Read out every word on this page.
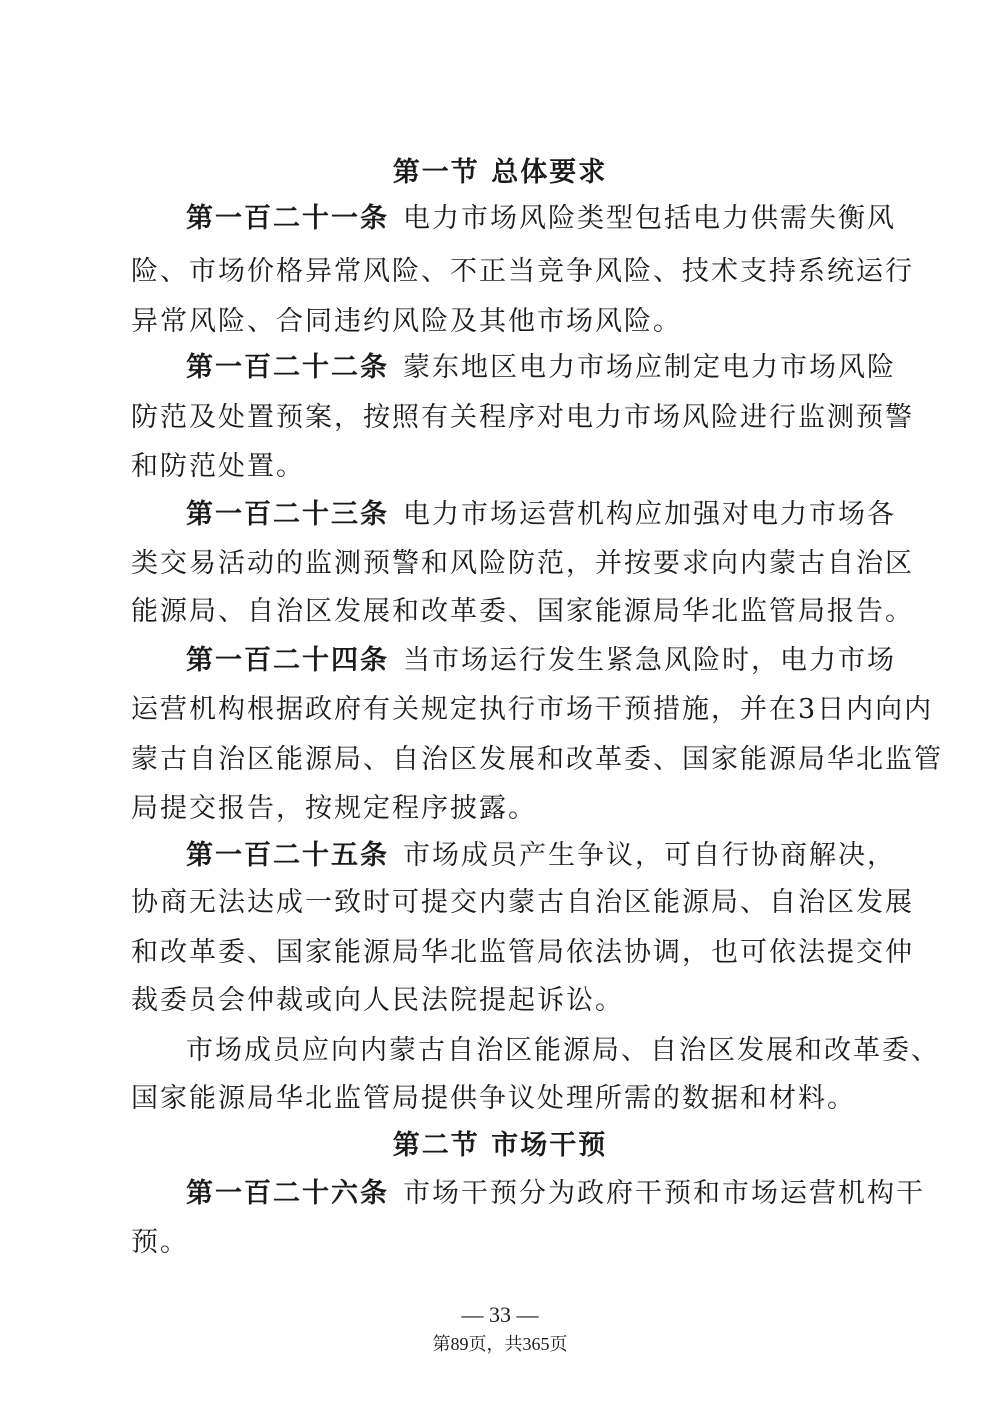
第一节 总体要求
第一百二十一条 电力市场风险类型包括电力供需失衡风
险、市场价格异常风险、不正当竞争风险、技术支持系统运行
异常风险、合同违约风险及其他市场风险。
第一百二十二条 蒙东地区电力市场应制定电力市场风险
防范及处置预案，按照有关程序对电力市场风险进行监测预警
和防范处置。
第一百二十三条 电力市场运营机构应加强对电力市场各
类交易活动的监测预警和风险防范，并按要求向内蒙古自治区
能源局、自治区发展和改革委、国家能源局华北监管局报告。
第一百二十四条 当市场运行发生紧急风险时，电力市场
运营机构根据政府有关规定执行市场干预措施，并在3日内向内
蒙古自治区能源局、自治区发展和改革委、国家能源局华北监管
局提交报告，按规定程序披露。
第一百二十五条 市场成员产生争议，可自行协商解决，
协商无法达成一致时可提交内蒙古自治区能源局、自治区发展
和改革委、国家能源局华北监管局依法协调，也可依法提交仲
裁委员会仲裁或向人民法院提起诉讼。
市场成员应向内蒙古自治区能源局、自治区发展和改革委、
国家能源局华北监管局提供争议处理所需的数据和材料。
第二节 市场干预
第一百二十六条 市场干预分为政府干预和市场运营机构干
预。
— 33 —
第89页，共365页
